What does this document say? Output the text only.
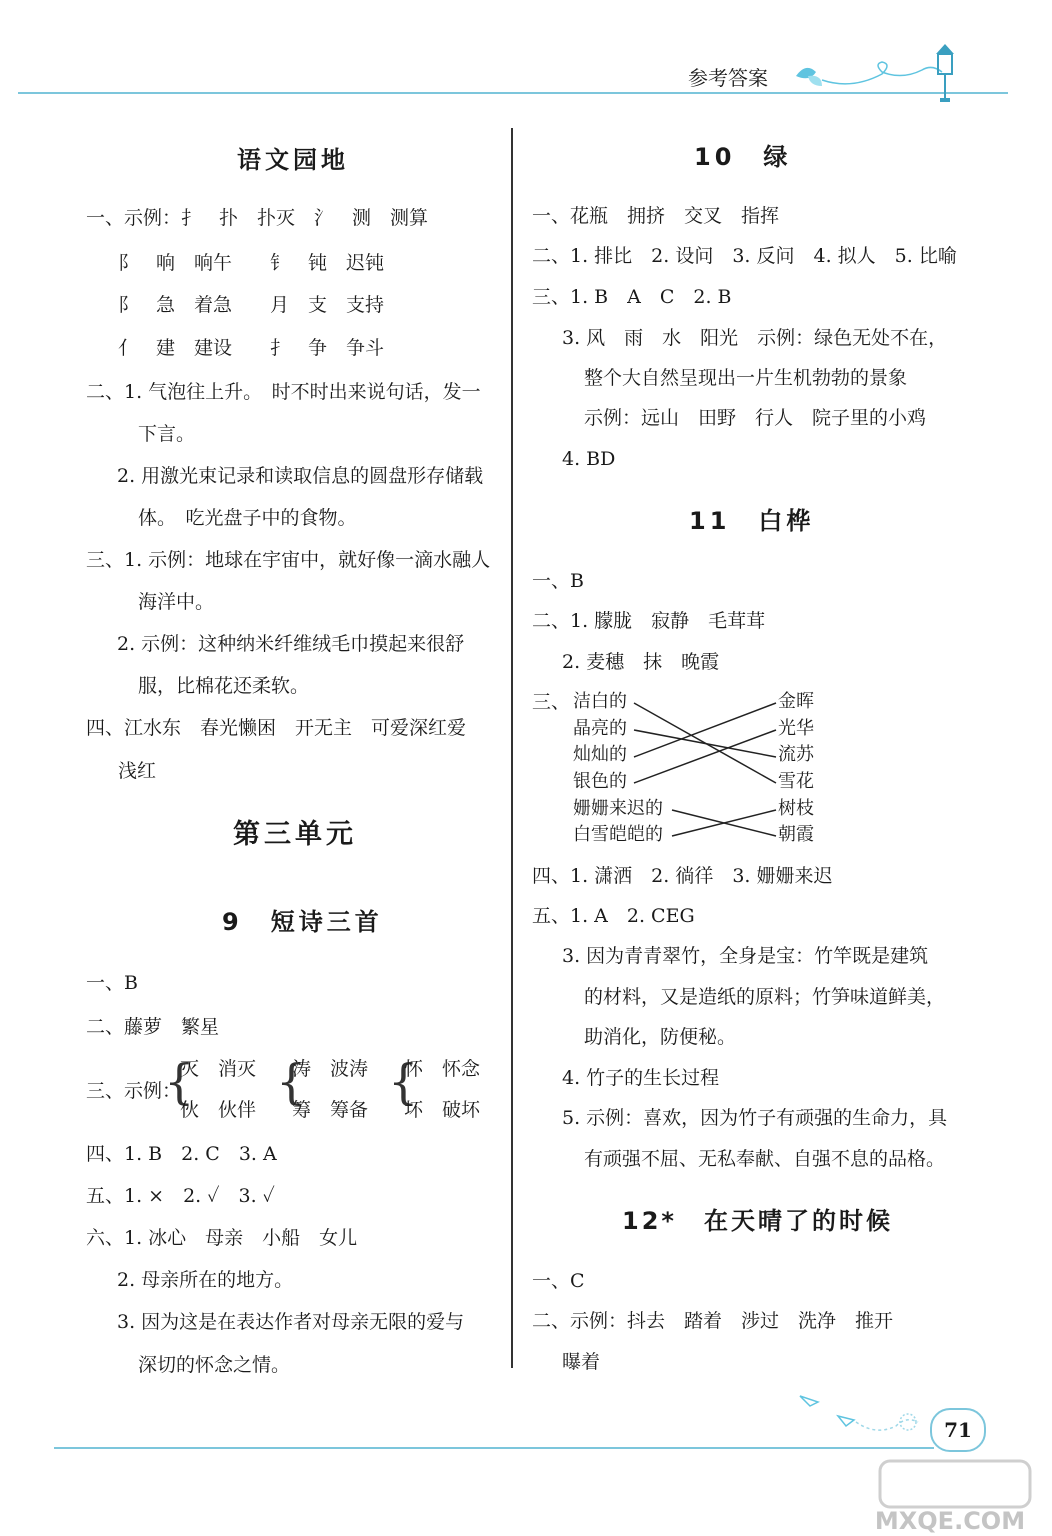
参考答案
语文园地
一、示例：扌　扑　扑灭　氵　测　测算
阝　响　响午　　钅　钝　迟钝
阝　急　着急　　月　支　支持
亻　建　建设　　扌　争　争斗
二、1. 气泡往上升。　时不时出来说句话，发一
下言。
2. 用激光束记录和读取信息的圆盘形存储载
体。　吃光盘子中的食物。
三、1. 示例：地球在宇宙中，就好像一滴水融人
海洋中。
2. 示例：这种纳米纤维绒毛巾摸起来很舒
服，比棉花还柔软。
四、江水东　春光懒困　开无主　可爱深红爱
浅红
第三单元
9　短诗三首
一、B
二、藤萝　繁星
三、示例：
{
灭　消灭
伙　伙伴 {
涛　波涛
筹　筹备 {
怀　怀念
坏　破坏
四、1. B　2. C　3. A
五、1. ×　2. ✓　3. ✓
六、1. 冰心　母亲　小船　女儿
2. 母亲所在的地方。
3. 因为这是在表达作者对母亲无限的爱与
深切的怀念之情。
10　绿
一、花瓶　拥挤　交叉　指挥
二、1. 排比　2. 设问　3. 反问　4. 拟人　5. 比喻
三、1. B　A　C　2. B
3. 风　雨　水　阳光　示例：绿色无处不在，
整个大自然呈现出一片生机勃勃的景象
示例：远山　田野　行人　院子里的小鸡
4. BD
11　白桦
一、B
二、1. 朦胧　寂静　毛茸茸
2. 麦穗　抹　晚霞
三、 洁白的
晶亮的
灿灿的
银色的
姗姗来迟的
白雪皑皑的
金晖
光华
流苏
雪花
树枝
朝霞
四、1. 潇洒　2. 徜徉　3. 姗姗来迟
五、1. A　2. CEG
3. 因为青青翠竹，全身是宝：竹竿既是建筑
的材料，又是造纸的原料；竹笋味道鲜美，
助消化，防便秘。
4. 竹子的生长过程
5. 示例：喜欢，因为竹子有顽强的生命力，具
有顽强不屈、无私奉献、自强不息的品格。
12*　在天晴了的时候
一、C
二、示例：抖去　踏着　涉过　洗净　推开
曝着
71
MXQE.COM
